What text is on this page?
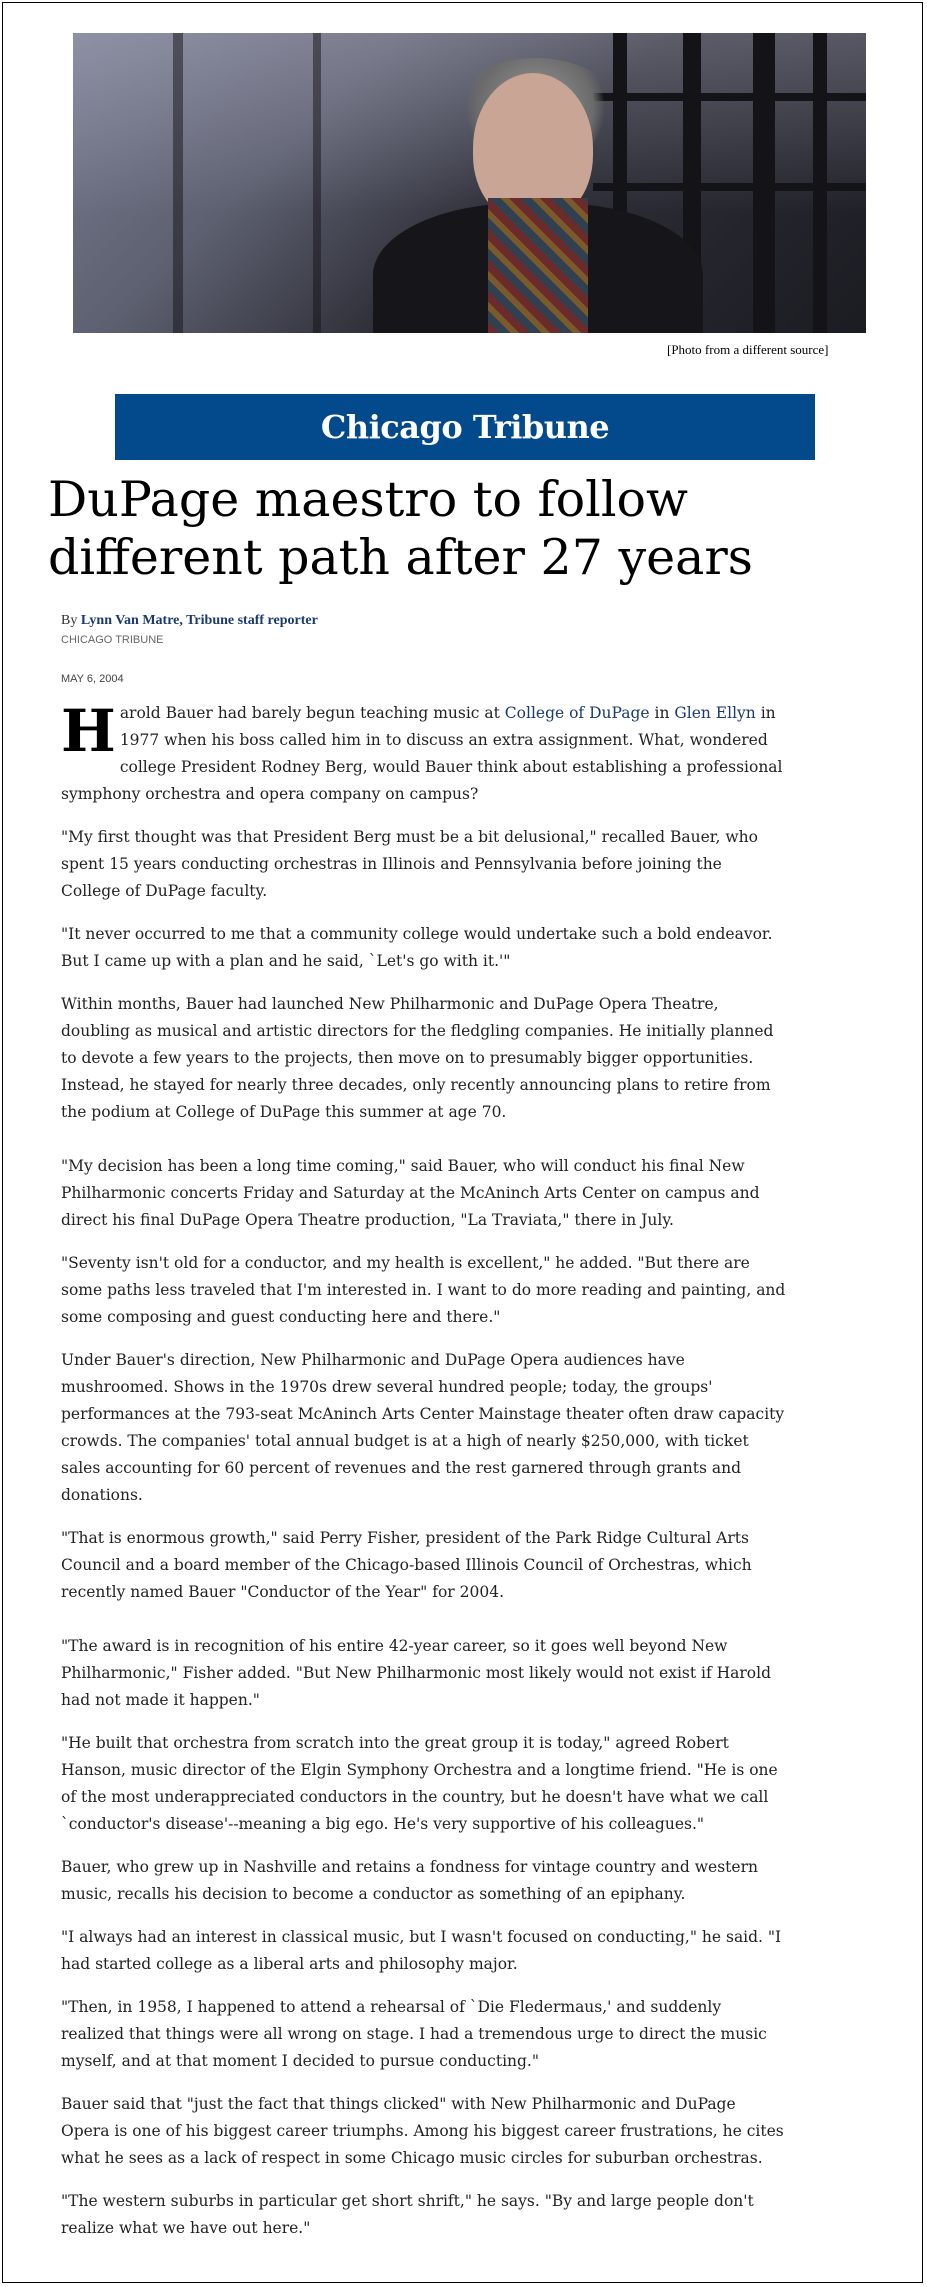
[Photo from a different source]
Chicago Tribune
DuPage maestro to follow different path after 27 years
By Lynn Van Matre, Tribune staff reporter
CHICAGO TRIBUNE
MAY 6, 2004

Harold Bauer had barely begun teaching music at College of DuPage in Glen Ellyn in 1977 when his boss called him in to discuss an extra assignment. What, wondered college President Rodney Berg, would Bauer think about establishing a professional symphony orchestra and opera company on campus?

"My first thought was that President Berg must be a bit delusional," recalled Bauer, who spent 15 years conducting orchestras in Illinois and Pennsylvania before joining the College of DuPage faculty.

"It never occurred to me that a community college would undertake such a bold endeavor. But I came up with a plan and he said, `Let's go with it.'"

Within months, Bauer had launched New Philharmonic and DuPage Opera Theatre, doubling as musical and artistic directors for the fledgling companies. He initially planned to devote a few years to the projects, then move on to presumably bigger opportunities. Instead, he stayed for nearly three decades, only recently announcing plans to retire from the podium at College of DuPage this summer at age 70.

"My decision has been a long time coming," said Bauer, who will conduct his final New Philharmonic concerts Friday and Saturday at the McAninch Arts Center on campus and direct his final DuPage Opera Theatre production, "La Traviata," there in July.

"Seventy isn't old for a conductor, and my health is excellent," he added. "But there are some paths less traveled that I'm interested in. I want to do more reading and painting, and some composing and guest conducting here and there."

Under Bauer's direction, New Philharmonic and DuPage Opera audiences have mushroomed. Shows in the 1970s drew several hundred people; today, the groups' performances at the 793-seat McAninch Arts Center Mainstage theater often draw capacity crowds. The companies' total annual budget is at a high of nearly $250,000, with ticket sales accounting for 60 percent of revenues and the rest garnered through grants and donations.

"That is enormous growth," said Perry Fisher, president of the Park Ridge Cultural Arts Council and a board member of the Chicago-based Illinois Council of Orchestras, which recently named Bauer "Conductor of the Year" for 2004.

"The award is in recognition of his entire 42-year career, so it goes well beyond New Philharmonic," Fisher added. "But New Philharmonic most likely would not exist if Harold had not made it happen."

"He built that orchestra from scratch into the great group it is today," agreed Robert Hanson, music director of the Elgin Symphony Orchestra and a longtime friend. "He is one of the most underappreciated conductors in the country, but he doesn't have what we call `conductor's disease'--meaning a big ego. He's very supportive of his colleagues."

Bauer, who grew up in Nashville and retains a fondness for vintage country and western music, recalls his decision to become a conductor as something of an epiphany.

"I always had an interest in classical music, but I wasn't focused on conducting," he said. "I had started college as a liberal arts and philosophy major.

"Then, in 1958, I happened to attend a rehearsal of `Die Fledermaus,' and suddenly realized that things were all wrong on stage. I had a tremendous urge to direct the music myself, and at that moment I decided to pursue conducting."

Bauer said that "just the fact that things clicked" with New Philharmonic and DuPage Opera is one of his biggest career triumphs. Among his biggest career frustrations, he cites what he sees as a lack of respect in some Chicago music circles for suburban orchestras.

"The western suburbs in particular get short shrift," he says. "By and large people don't realize what we have out here."
